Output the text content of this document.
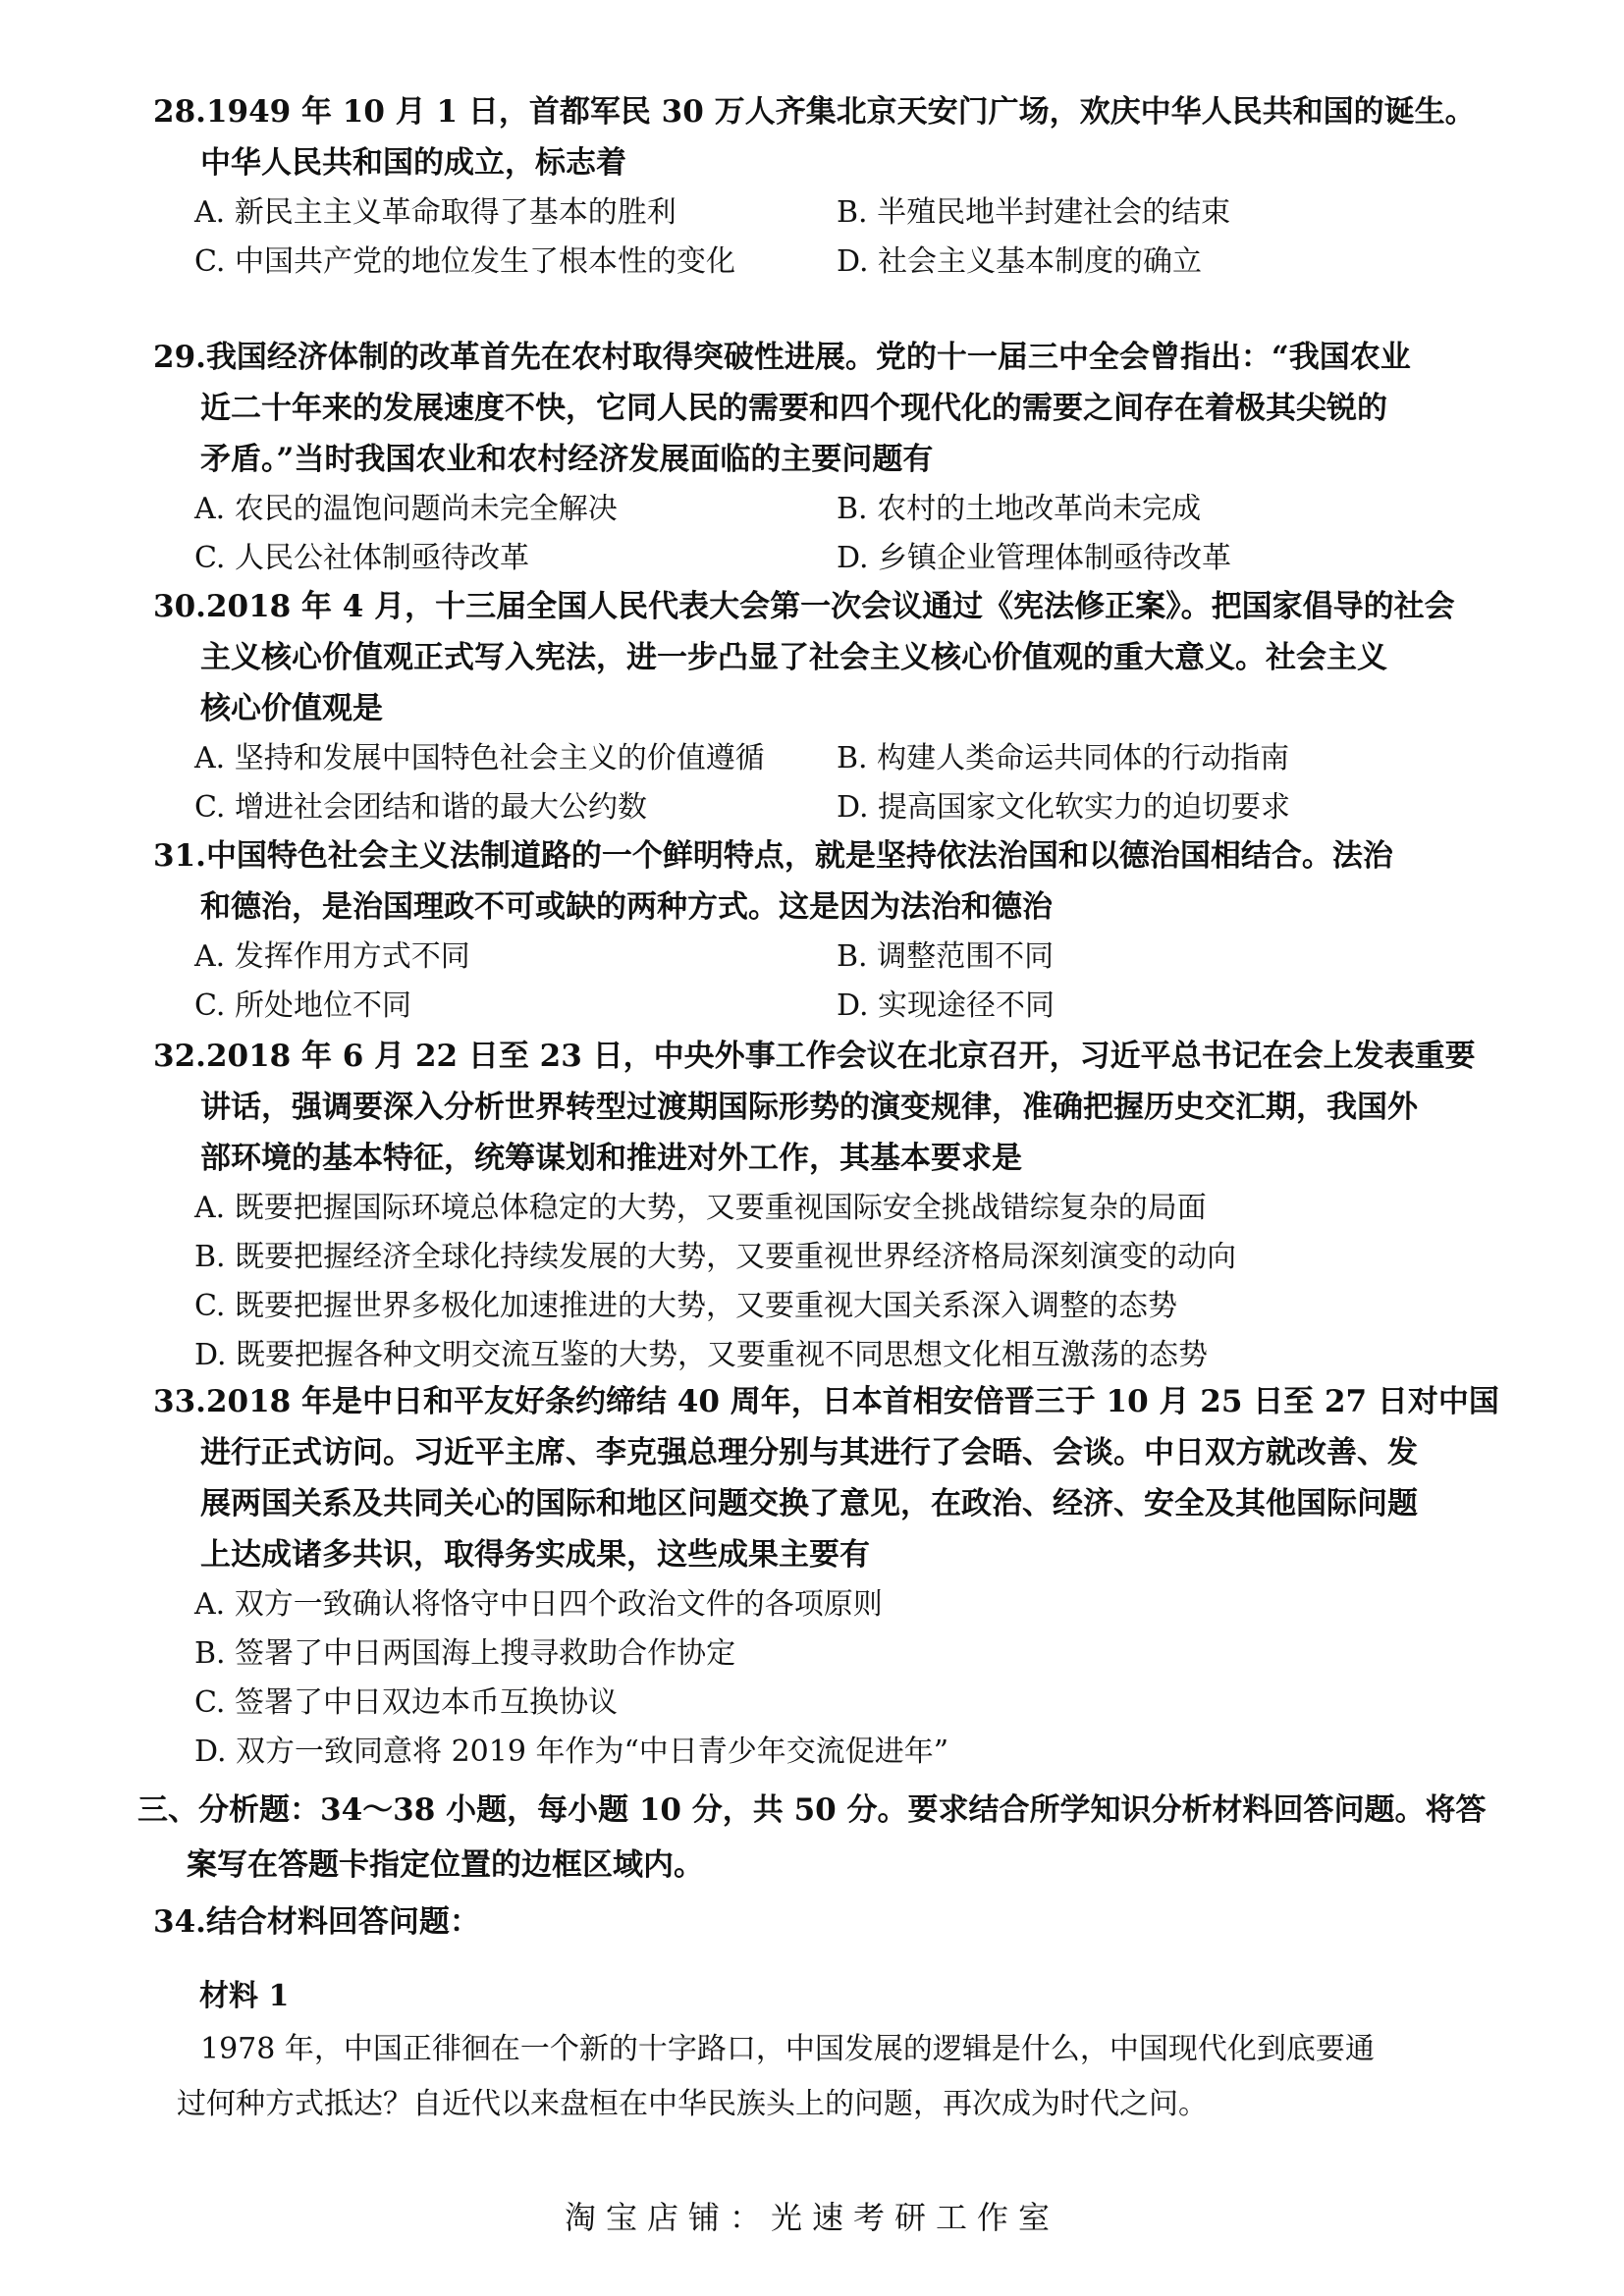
28.1949 年 10 月 1 日，首都军民 30 万人齐集北京天安门广场，欢庆中华人民共和国的诞生。
中华人民共和国的成立，标志着
A. 新民主主义革命取得了基本的胜利	B. 半殖民地半封建社会的结束
C. 中国共产党的地位发生了根本性的变化	D. 社会主义基本制度的确立
29.我国经济体制的改革首先在农村取得突破性进展。党的十一届三中全会曾指出：“我国农业
近二十年来的发展速度不快，它同人民的需要和四个现代化的需要之间存在着极其尖锐的
矛盾。”当时我国农业和农村经济发展面临的主要问题有
A. 农民的温饱问题尚未完全解决	B. 农村的土地改革尚未完成
C. 人民公社体制亟待改革	D. 乡镇企业管理体制亟待改革
30.2018 年 4 月，十三届全国人民代表大会第一次会议通过《宪法修正案》。把国家倡导的社会
主义核心价值观正式写入宪法，进一步凸显了社会主义核心价值观的重大意义。社会主义
核心价值观是
A. 坚持和发展中国特色社会主义的价值遵循	B. 构建人类命运共同体的行动指南
C. 增进社会团结和谐的最大公约数	D. 提高国家文化软实力的迫切要求
31.中国特色社会主义法制道路的一个鲜明特点，就是坚持依法治国和以德治国相结合。法治
和德治，是治国理政不可或缺的两种方式。这是因为法治和德治
A. 发挥作用方式不同	B. 调整范围不同
C. 所处地位不同	D. 实现途径不同
32.2018 年 6 月 22 日至 23 日，中央外事工作会议在北京召开，习近平总书记在会上发表重要
讲话，强调要深入分析世界转型过渡期国际形势的演变规律，准确把握历史交汇期，我国外
部环境的基本特征，统筹谋划和推进对外工作，其基本要求是
A. 既要把握国际环境总体稳定的大势，又要重视国际安全挑战错综复杂的局面
B. 既要把握经济全球化持续发展的大势，又要重视世界经济格局深刻演变的动向
C. 既要把握世界多极化加速推进的大势，又要重视大国关系深入调整的态势
D. 既要把握各种文明交流互鉴的大势，又要重视不同思想文化相互激荡的态势
33.2018 年是中日和平友好条约缔结 40 周年，日本首相安倍晋三于 10 月 25 日至 27 日对中国
进行正式访问。习近平主席、李克强总理分别与其进行了会晤、会谈。中日双方就改善、发
展两国关系及共同关心的国际和地区问题交换了意见，在政治、经济、安全及其他国际问题
上达成诸多共识，取得务实成果，这些成果主要有
A. 双方一致确认将恪守中日四个政治文件的各项原则
B. 签署了中日两国海上搜寻救助合作协定
C. 签署了中日双边本币互换协议
D. 双方一致同意将 2019 年作为“中日青少年交流促进年”
三、分析题：34～38 小题，每小题 10 分，共 50 分。要求结合所学知识分析材料回答问题。将答
案写在答题卡指定位置的边框区域内。
34.结合材料回答问题：
材料 1
1978 年，中国正徘徊在一个新的十字路口，中国发展的逻辑是什么，中国现代化到底要通
过何种方式抵达？自近代以来盘桓在中华民族头上的问题，再次成为时代之问。
淘宝店铺：光速考研工作室
